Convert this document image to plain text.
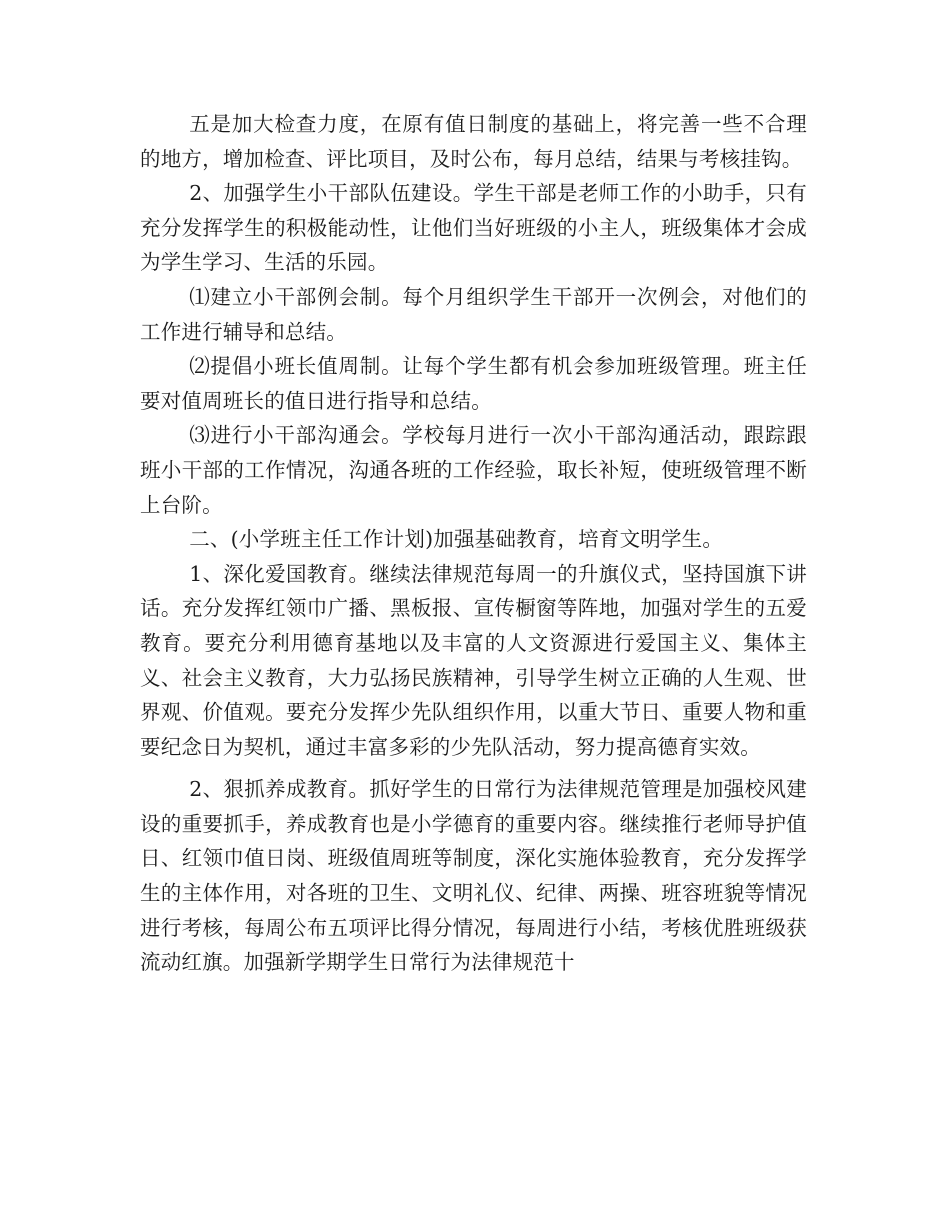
五是加大检查力度，在原有值日制度的基础上，将完善一些不合理的地方，增加检查、评比项目，及时公布，每月总结，结果与考核挂钩。

2、加强学生小干部队伍建设。学生干部是老师工作的小助手，只有充分发挥学生的积极能动性，让他们当好班级的小主人，班级集体才会成为学生学习、生活的乐园。

⑴建立小干部例会制。每个月组织学生干部开一次例会，对他们的工作进行辅导和总结。

⑵提倡小班长值周制。让每个学生都有机会参加班级管理。班主任要对值周班长的值日进行指导和总结。

⑶进行小干部沟通会。学校每月进行一次小干部沟通活动，跟踪跟班小干部的工作情况，沟通各班的工作经验，取长补短，使班级管理不断上台阶。

二、(小学班主任工作计划)加强基础教育，培育文明学生。

1、深化爱国教育。继续法律规范每周一的升旗仪式，坚持国旗下讲话。充分发挥红领巾广播、黑板报、宣传橱窗等阵地，加强对学生的五爱教育。要充分利用德育基地以及丰富的人文资源进行爱国主义、集体主义、社会主义教育，大力弘扬民族精神，引导学生树立正确的人生观、世界观、价值观。要充分发挥少先队组织作用，以重大节日、重要人物和重要纪念日为契机，通过丰富多彩的少先队活动，努力提高德育实效。

2、狠抓养成教育。抓好学生的日常行为法律规范管理是加强校风建设的重要抓手，养成教育也是小学德育的重要内容。继续推行老师导护值日、红领巾值日岗、班级值周班等制度，深化实施体验教育，充分发挥学生的主体作用，对各班的卫生、文明礼仪、纪律、两操、班容班貌等情况进行考核，每周公布五项评比得分情况，每周进行小结，考核优胜班级获流动红旗。加强新学期学生日常行为法律规范十
